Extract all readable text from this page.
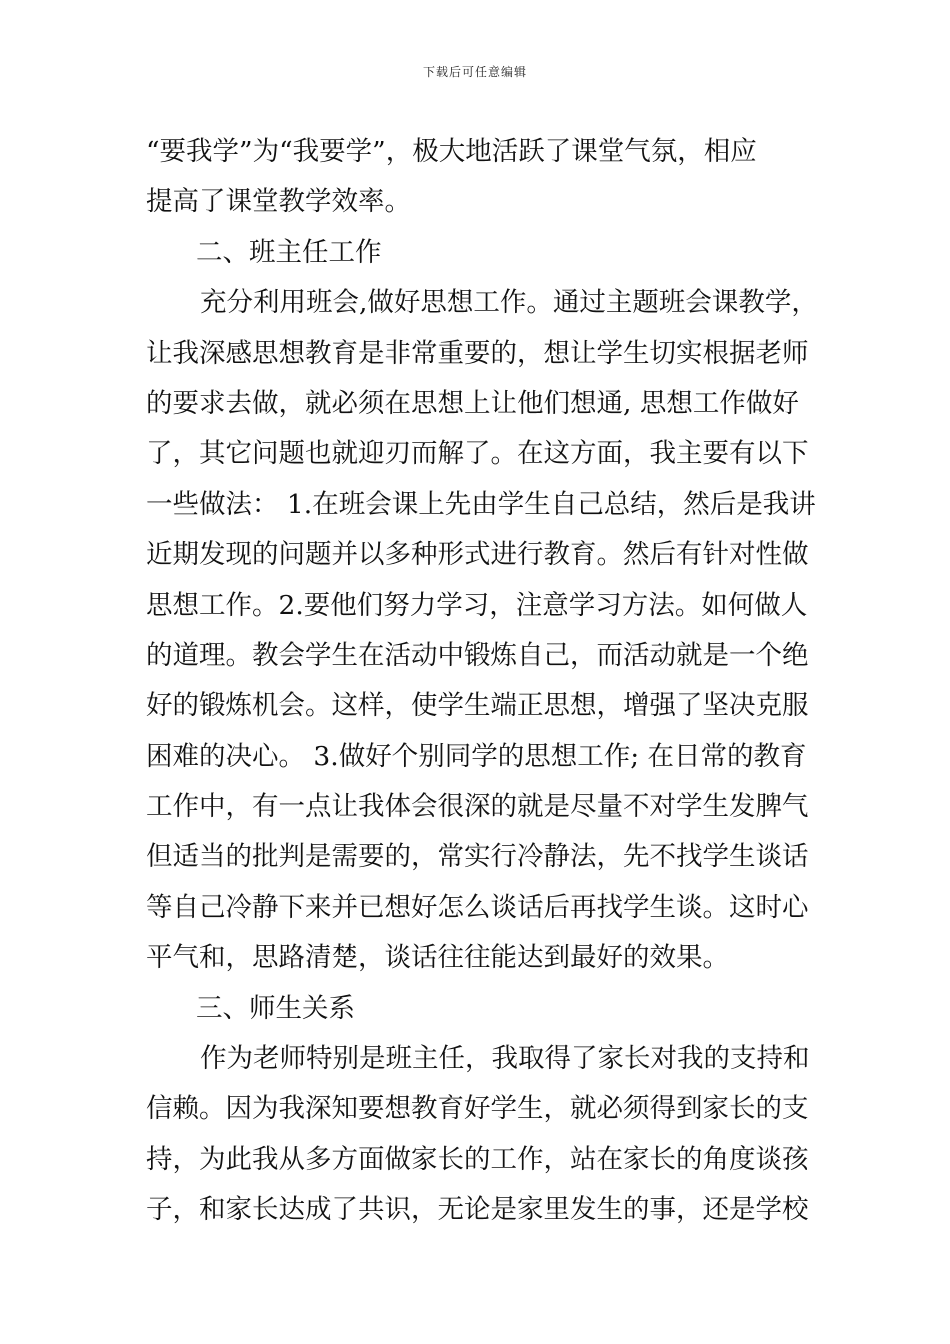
下载后可任意编辑
“要我学”为“我要学”，极大地活跃了课堂气氛，相应
提高了课堂教学效率。
二、班主任工作
充分利用班会,做好思想工作。通过主题班会课教学，
让我深感思想教育是非常重要的，想让学生切实根据老师
的要求去做，就必须在思想上让他们想通, 思想工作做好
了，其它问题也就迎刃而解了。在这方面，我主要有以下
一些做法： 1.在班会课上先由学生自己总结，然后是我讲
近期发现的问题并以多种形式进行教育。然后有针对性做
思想工作。2.要他们努力学习，注意学习方法。如何做人
的道理。教会学生在活动中锻炼自己，而活动就是一个绝
好的锻炼机会。这样，使学生端正思想，增强了坚决克服
困难的决心。 3.做好个别同学的思想工作; 在日常的教育
工作中，有一点让我体会很深的就是尽量不对学生发脾气
但适当的批判是需要的，常实行冷静法，先不找学生谈话
等自己冷静下来并已想好怎么谈话后再找学生谈。这时心
平气和，思路清楚，谈话往往能达到最好的效果。
三、师生关系
作为老师特别是班主任，我取得了家长对我的支持和
信赖。因为我深知要想教育好学生，就必须得到家长的支
持，为此我从多方面做家长的工作，站在家长的角度谈孩
子，和家长达成了共识，无论是家里发生的事，还是学校
